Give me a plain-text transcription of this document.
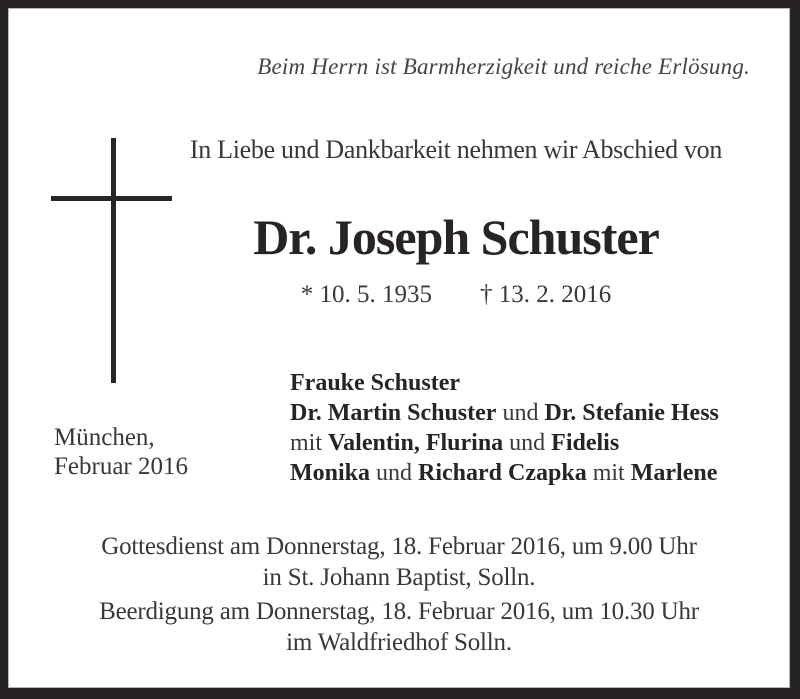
Beim Herrn ist Barmherzigkeit und reiche Erlösung.
In Liebe und Dankbarkeit nehmen wir Abschied von
Dr. Joseph Schuster
* 10. 5. 1935 † 13. 2. 2016
Frauke Schuster
Dr. Martin Schuster und Dr. Stefanie Hess
mit Valentin, Flurina und Fidelis
Monika und Richard Czapka mit Marlene
München,
Februar 2016

Gottesdienst am Donnerstag, 18. Februar 2016, um 9.00 Uhr
in St. Johann Baptist, Solln.

Beerdigung am Donnerstag, 18. Februar 2016, um 10.30 Uhr
im Waldfriedhof Solln.
